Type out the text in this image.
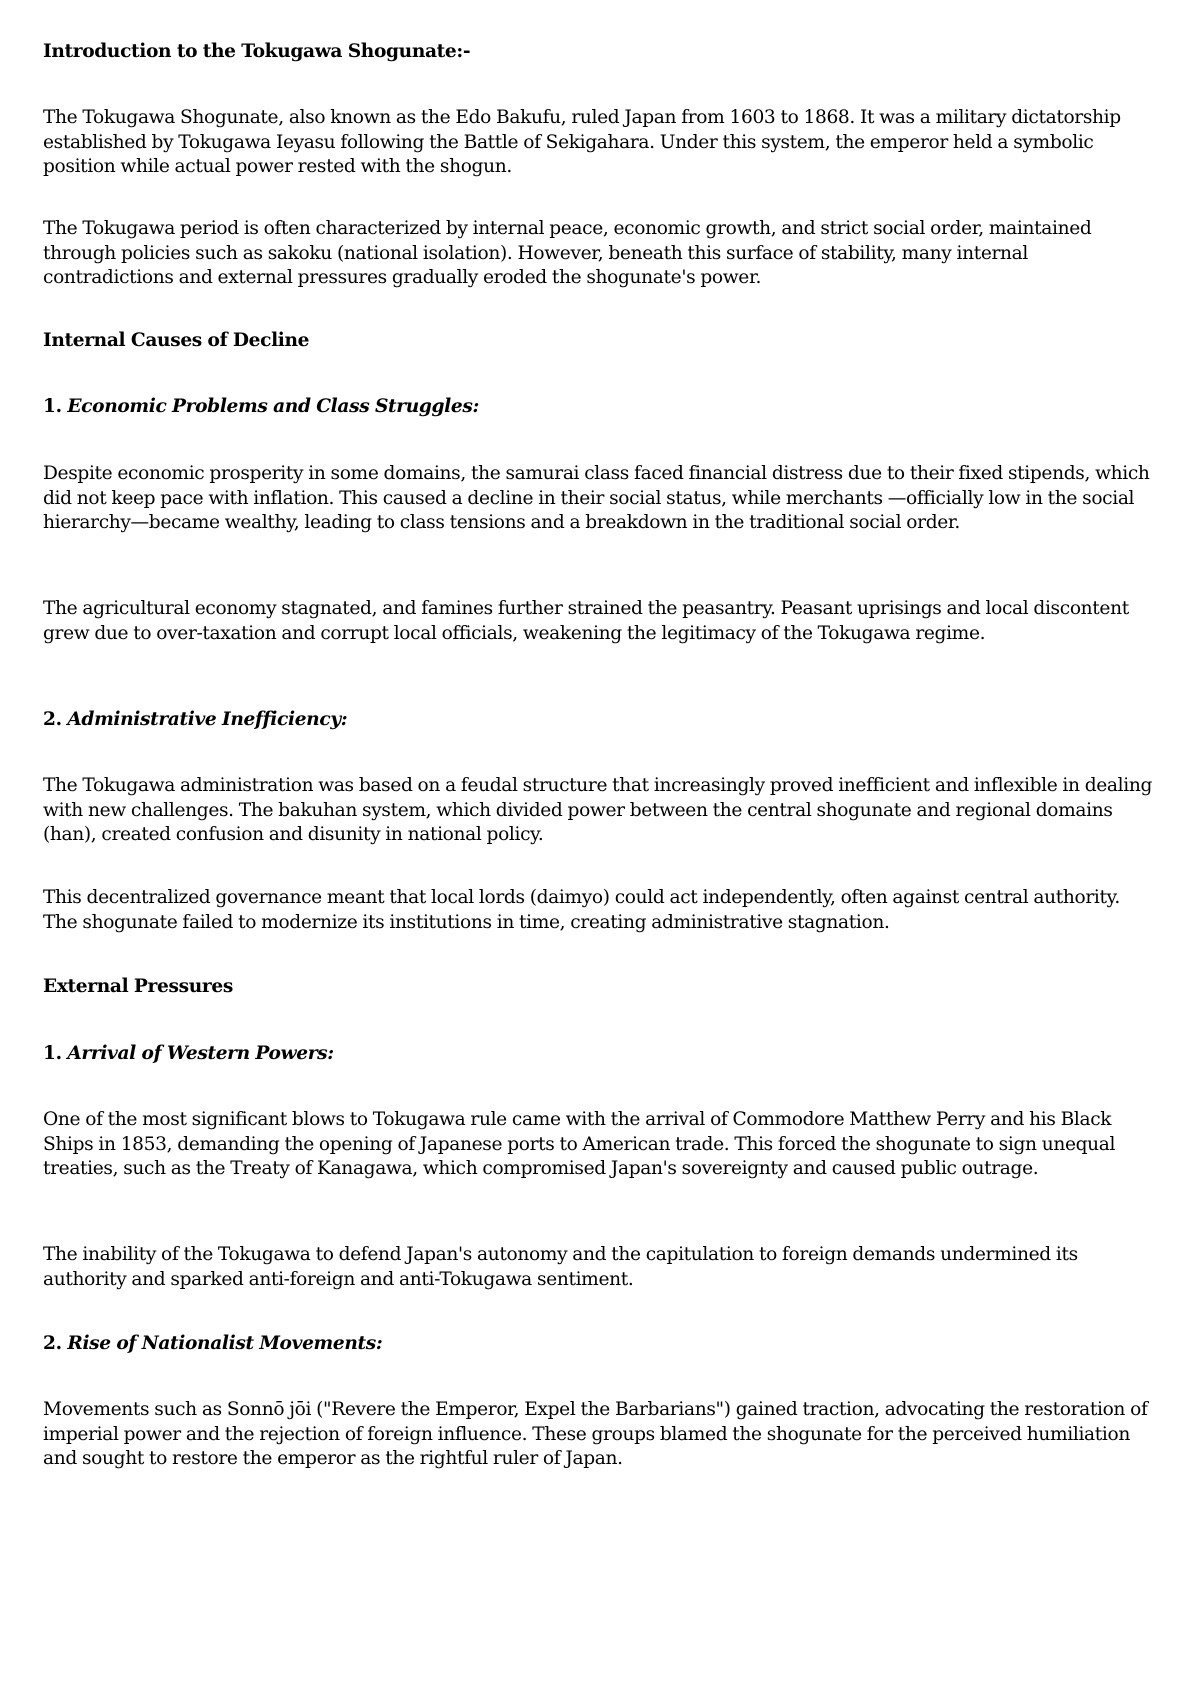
Introduction to the Tokugawa Shogunate:-

The Tokugawa Shogunate, also known as the Edo Bakufu, ruled Japan from 1603 to 1868. It was a military dictatorship established by Tokugawa Ieyasu following the Battle of Sekigahara. Under this system, the emperor held a symbolic position while actual power rested with the shogun.

The Tokugawa period is often characterized by internal peace, economic growth, and strict social order, maintained through policies such as sakoku (national isolation). However, beneath this surface of stability, many internal contradictions and external pressures gradually eroded the shogunate's power.

Internal Causes of Decline

1. Economic Problems and Class Struggles:

Despite economic prosperity in some domains, the samurai class faced financial distress due to their fixed stipends, which did not keep pace with inflation. This caused a decline in their social status, while merchants —officially low in the social hierarchy—became wealthy, leading to class tensions and a breakdown in the traditional social order.

The agricultural economy stagnated, and famines further strained the peasantry. Peasant uprisings and local discontent grew due to over-taxation and corrupt local officials, weakening the legitimacy of the Tokugawa regime.

2. Administrative Inefficiency:

The Tokugawa administration was based on a feudal structure that increasingly proved inefficient and inflexible in dealing with new challenges. The bakuhan system, which divided power between the central shogunate and regional domains (han), created confusion and disunity in national policy.

This decentralized governance meant that local lords (daimyo) could act independently, often against central authority. The shogunate failed to modernize its institutions in time, creating administrative stagnation.

External Pressures

1. Arrival of Western Powers:

One of the most significant blows to Tokugawa rule came with the arrival of Commodore Matthew Perry and his Black Ships in 1853, demanding the opening of Japanese ports to American trade. This forced the shogunate to sign unequal treaties, such as the Treaty of Kanagawa, which compromised Japan's sovereignty and caused public outrage.

The inability of the Tokugawa to defend Japan's autonomy and the capitulation to foreign demands undermined its authority and sparked anti-foreign and anti-Tokugawa sentiment.

2. Rise of Nationalist Movements:

Movements such as Sonnō jōi ("Revere the Emperor, Expel the Barbarians") gained traction, advocating the restoration of imperial power and the rejection of foreign influence. These groups blamed the shogunate for the perceived humiliation and sought to restore the emperor as the rightful ruler of Japan.
